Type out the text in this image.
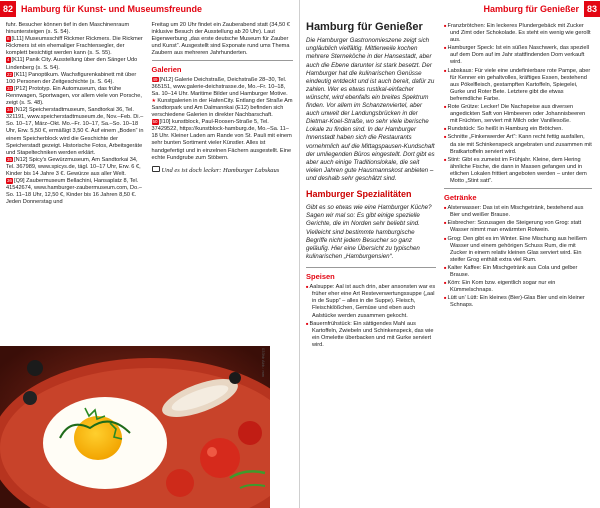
82 Hamburg für Kunst- und Museumsfreunde

fuhr. Besucher können tief in den Maschinenraum hinuntersteigen (s. S. 54).

8 [L11] Museumsschiff Rickmer Rickmers. Die Rickmer Rickmers ist ein ehemaliger Frachtensegler, der komplett besichtigt werden kann (s. S. 55).

4 [K11] Panik City. Ausstellung über den Sänger Udo Lindenberg (s. S. 54).

22 [K11] Panoptikum. Wachsfigurenkabinett mit über 100 Personen der Zeitgeschichte (s. S. 64).

33 [P12] Prototyp. Ein Automuseum, das frühe Rennwagen, Sportwagen, vor allem viele von Porsche, zeigt (s. S. 48).

34 [N12] Speicherstadtmuseum, Sandtorkai 36, Tel. 321191, www.speicherstadtmuseum.de, Nov.–Feb. Di.–So. 10–17, März–Okt. Mo.–Fr. 10–17, Sa.–So. 10–18 Uhr, Erw. 5,50 €, ermäßigt 3,50 €. Auf einem „Boden“ in einem Speicherblock wird die Geschichte der Speicherstadt gezeigt. Historische Fotos, Arbeitsgeräte und Stapeltechniken werden erklärt.

35 [N12] Spicy's Gewürzmuseum, Am Sandtorkai 34, Tel. 367989, www.spicys.de, tägl. 10–17 Uhr, Erw. 6 €, Kinder bis 14 Jahre 3 €. Gewürze aus aller Welt.

36 [Q9] Zaubermuseum Bellachini, Hansaplatz 8, Tel. 41542674, www.hamburger-zaubermuseum.com, Do.–So. 11–18 Uhr, 12,50 €, Kinder bis 16 Jahren 8,50 €. Jeden Donnerstag und

Freitag um 20 Uhr findet ein Zauberabend statt (34,50 € inklusive Besuch der Ausstellung ab 20 Uhr). Laut Eigenwerbung „das erste deutsche Museum für Zauber und Kunst“. Ausgestellt sind Exponate rund ums Thema Zaubern aus mehreren Jahrhunderten.

Galerien

49 [N12] Galerie Deichstraße, Deichstraße 28–30, Tel. 365151, www.galerie-deichstrasse.de, Mo.–Fr. 10–18, Sa. 10–14 Uhr. Maritime Bilder und Hamburger Motive.

★ Kunstgalerien in der HafenCity. Entlang der Straße Am Sandtorpark und Am Dalmannkai (E12) befinden sich verschiedene Galerien in direkter Nachbarschaft.

50 [I10] kunstblock, Paul-Roosen-Straße 5, Tel. 37429522, https://kunstblock-hamburg.de, Mo.–Sa. 11–18 Uhr. Kleiner Laden am Rande von St. Pauli mit einem sehr bunten Sortiment vieler Künstler. Alles ist handgefertigt und in einzelnen Fächern ausgestellt. Eine echte Fundgrube zum Stöbern.

Und es ist doch lecker: Hamburger Labskaus
033hb Abb.: mm
Hamburg für Genießer 83
Hamburg für Genießer

Die Hamburger Gastronomieszene zeigt sich ungläublich vielfältig. Mittlerweile kochen mehrere Sterneköche in der Hansestadt, aber auch die Ebene darunter ist stark besetzt. Der Hamburger hat die kulinarischen Genüsse eindeutig entdeckt und ist auch bereit, dafür zu zahlen. Wer es etwas rustikal-einfacher wünscht, wird ebenfalls ein breites Spektrum finden. Vor allem im Schanzenviertel, aber auch unweit der Landungsbrücken in der Dietmar-Koel-Straße, wo sehr viele iberische Lokale zu finden sind. In der Hamburger Innenstadt haben sich die Restaurants vornehmlich auf die Mittagspausen-Kundschaft der umliegenden Büros eingestellt. Dort gibt es aber auch einige Traditionslokale, die seit vielen Jahren gute Hausmannskost anbieten – und deshalb sehr geschätzt sind.

Hamburger Spezialitäten

Gibt es so etwas wie eine Hamburger Küche? Sagen wir mal so: Es gibt einige spezielle Gerichte, die im Norden sehr beliebt sind. Vielleicht sind bestimmte hamburgische Begriffe nicht jedem Besucher so ganz geläufig. Hier eine Übersicht zu typischen kulinarischen „Hamburgensien“.

Speisen

■ Aalsuppe: Aal ist auch drin, aber ansonsten war es früher eher eine Art Resteverwertungssuppe („aal in de Supp“ – alles in die Suppe). Fleisch, Fleischklößchen, Gemüse und eben auch Aalstücke werden zusammen gekocht.

■ Bauernfrühstück: Ein sättigendes Mahl aus Kartoffeln, Zwiebeln und Schinkenspeck, das wie ein Omelette überbacken und mit Gurke serviert wird.

■ Franzbrötchen: Ein leckeres Plundergebäck mit Zucker und Zimt oder Schokolade. Es steht ein wenig wie gerollt aus.

■ Hamburger Speck: Ist ein süßes Naschwerk, das speziell auf dem Dom auf im Jahr stattfindenden Dom verkauft wird.

■ Labskaus: Für viele eine undefinierbare rote Pampe, aber für Kenner ein gehaltvolles, kräftiges Essen, bestehend aus Pökelfleisch, gestampften Kartoffeln, Spiegelei, Gurke und Roter Bete. Letztere gibt die etwas befremdliche Farbe.

■ Rote Grütze: Lecker! Die Nachspeise aus diversen angedickten Saft von Himbeeren oder Johannisbeeren mit Früchten, serviert mit Milch oder Vanillesoße.

■ Rundstück: So heißt in Hamburg ein Brötchen.

■ Schnitte „Finkenwerder Art“: Kann recht fettig ausfallen, da sie mit Schinkenspeck angebraten und zusammen mit Bratkartoffeln serviert wird.

■ Stint: Gibt es zumeist im Frühjahr. Kleine, dem Hering ähnliche Fische, die dann in Massen gefangen und in etlichen Lokalen frittiert angeboten werden – unter dem Motto „Stint satt“.

Getränke

■ Alsterwasser: Das ist ein Mischgetränk, bestehend aus Bier und weißer Brause.

■ Eisbrecher: Sozusagen die Steigerung von Grog: statt Wasser nimmt man erwärmten Rotwein.

■ Grog: Den gibt es im Winter. Eine Mischung aus heißem Wasser und einem gehörigen Schuss Rum, die mit Zucker in einem relativ kleinen Glas serviert wird. Ein steifer Grog enthält extra viel Rum.

■ Kalter Kaffee: Ein Mischgetränk aus Cola und gelber Brause.

■ Köm: Ein Kom bzw. eigentlich sogar nur ein Kümmelschnaps.

■ Lütt un' Lütt: Ein kleines (Bier)-Glas Bier und ein kleiner Schnaps.
